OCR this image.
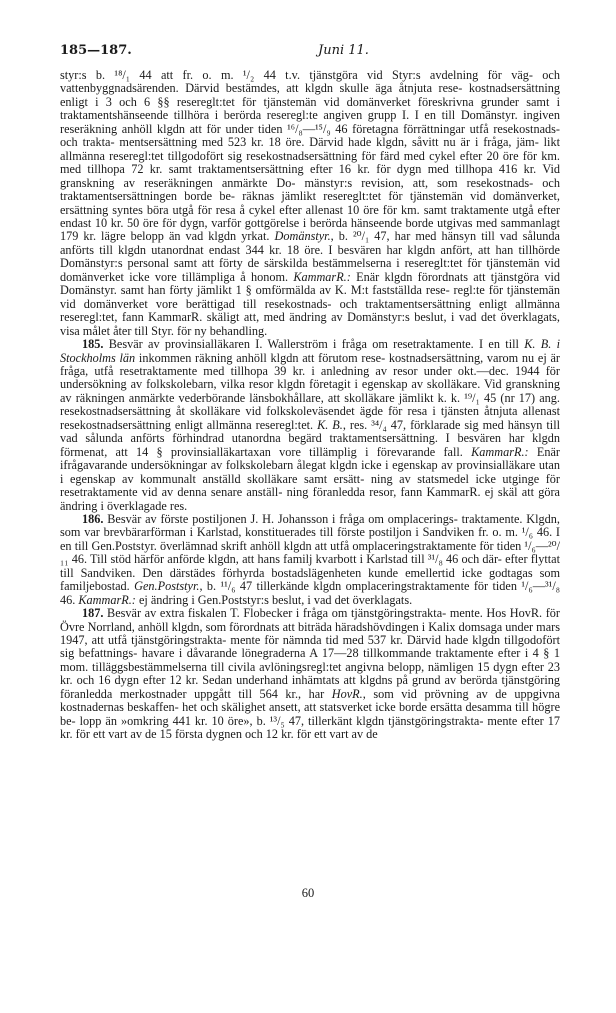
185—187.	Juni 11.

styr:s b. ¹⁸/₁ 44 att fr. o. m. ¹/₂ 44 t.v. tjänstgöra vid Styr:s avdelning för väg- och vattenbyggnadsärenden. Därvid bestämdes, att klgdn skulle äga åtnjuta rese- kostnadsersättning enligt i 3 och 6 §§ resereglt:tet för tjänstemän vid domänverket föreskrivna grunder samt i traktamentshänseende tillhöra i berörda reseregl:te angiven grupp I. I en till Domänstyr. ingiven reseräkning anhöll klgdn att för under tiden ¹⁶/₈—¹⁵/₉ 46 företagna förrättningar utfå resekostnads- och trakta- mentsersättning med 523 kr. 18 öre. Därvid hade klgdn, såvitt nu är i fråga, jäm- likt allmänna reseregl:tet tillgodofört sig resekostnadsersättning för färd med cykel efter 20 öre för km. med tillhopa 72 kr. samt traktamentsersättning efter 16 kr. för dygn med tillhopa 416 kr. Vid granskning av reseräkningen anmärkte Do- mänstyr:s revision, att, som resekostnads- och traktamentsersättningen borde be- räknas jämlikt resereglt:tet för tjänstemän vid domänverket, ersättning syntes böra utgå för resa å cykel efter allenast 10 öre för km. samt traktamente utgå efter endast 10 kr. 50 öre för dygn, varför gottgörelse i berörda hänseende borde utgivas med sammanlagt 179 kr. lägre belopp än vad klgdn yrkat. Domänstyr., b. ²⁰/₁ 47, har med hänsyn till vad sålunda anförts till klgdn utanordnat endast 344 kr. 18 öre. I besvären har klgdn anfört, att han tillhörde Domänstyr:s personal samt att förty de särskilda bestämmelserna i resereglt:tet för tjänstemän vid domänverket icke vore tillämpliga å honom. KammarR.: Enär klgdn förordnats att tjänstgöra vid Domänstyr. samt han förty jämlikt 1 § omförmälda av K. M:t fastställda rese- regl:te för tjänstemän vid domänverket vore berättigad till resekostnads- och traktamentsersättning enligt allmänna reseregl:tet, fann KammarR. skäligt att, med ändring av Domänstyr:s beslut, i vad det överklagats, visa målet åter till Styr. för ny behandling.

185. Besvär av provinsialläkaren I. Wallerström i fråga om resetraktamente. I en till K. B. i Stockholms län inkommen räkning anhöll klgdn att förutom rese- kostnadsersättning, varom nu ej är fråga, utfå resetraktamente med tillhopa 39 kr. i anledning av resor under okt.—dec. 1944 för undersökning av folkskolebarn, vilka resor klgdn företagit i egenskap av skolläkare. Vid granskning av räkningen anmärkte vederbörande länsbokhållare, att skolläkare jämlikt k. k. ¹⁹/₁ 45 (nr 17) ang. resekostnadsersättning åt skolläkare vid folkskoleväsendet ägde för resa i tjänsten åtnjuta allenast resekostnadsersättning enligt allmänna reseregl:tet. K. B., res. ³⁴/₄ 47, förklarade sig med hänsyn till vad sålunda anförts förhindrad utanordna begärd traktamentsersättning. I besvären har klgdn förmenat, att 14 § provinsialläkartaxan vore tillämplig i förevarande fall. KammarR.: Enär ifrågavarande undersökningar av folkskolebarn ålegat klgdn icke i egenskap av provinsialläkare utan i egenskap av kommunalt anställd skolläkare samt ersätt- ning av statsmedel icke utginge för resetraktamente vid av denna senare anställ- ning föranledda resor, fann KammarR. ej skäl att göra ändring i överklagade res.

186. Besvär av förste postiljonen J. H. Johansson i fråga om omplacerings- traktamente. Klgdn, som var brevbärarförman i Karlstad, konstituerades till förste postiljon i Sandviken fr. o. m. ¹/₆ 46. I en till Gen.Poststyr. överlämnad skrift anhöll klgdn att utfå omplaceringstraktamente för tiden ¹/₆—²⁰/₁₁ 46. Till stöd härför anförde klgdn, att hans familj kvarbott i Karlstad till ³¹/₈ 46 och där- efter flyttat till Sandviken. Den därstädes förhyrda bostadslägenheten kunde emellertid icke godtagas som familjebostad. Gen.Poststyr., b. ¹¹/₆ 47 tillerkände klgdn omplaceringstraktamente för tiden ¹/₆—³¹/₈ 46. KammarR.: ej ändring i Gen.Poststyr:s beslut, i vad det överklagats.

187. Besvär av extra fiskalen T. Flobecker i fråga om tjänstgöringstrakta- mente. Hos HovR. för Övre Norrland, anhöll klgdn, som förordnats att biträda häradshövdingen i Kalix domsaga under mars 1947, att utfå tjänstgöringstrakta- mente för nämnda tid med 537 kr. Därvid hade klgdn tillgodofört sig befattnings- havare i dåvarande lönegraderna A 17—28 tillkommande traktamente efter i 4 § 1 mom. tilläggsbestämmelserna till civila avlöningsregl:tet angivna belopp, nämligen 15 dygn efter 23 kr. och 16 dygn efter 12 kr. Sedan underhand inhämtats att klgdns på grund av berörda tjänstgöring föranledda merkostnader uppgått till 564 kr., har HovR., som vid prövning av de uppgivna kostnadernas beskaffen- het och skälighet ansett, att statsverket icke borde ersätta desamma till högre be- lopp än »omkring 441 kr. 10 öre», b. ¹³/₅ 47, tillerkänt klgdn tjänstgöringstrakta- mente efter 17 kr. för ett vart av de 15 första dygnen och 12 kr. för ett vart av de

60
